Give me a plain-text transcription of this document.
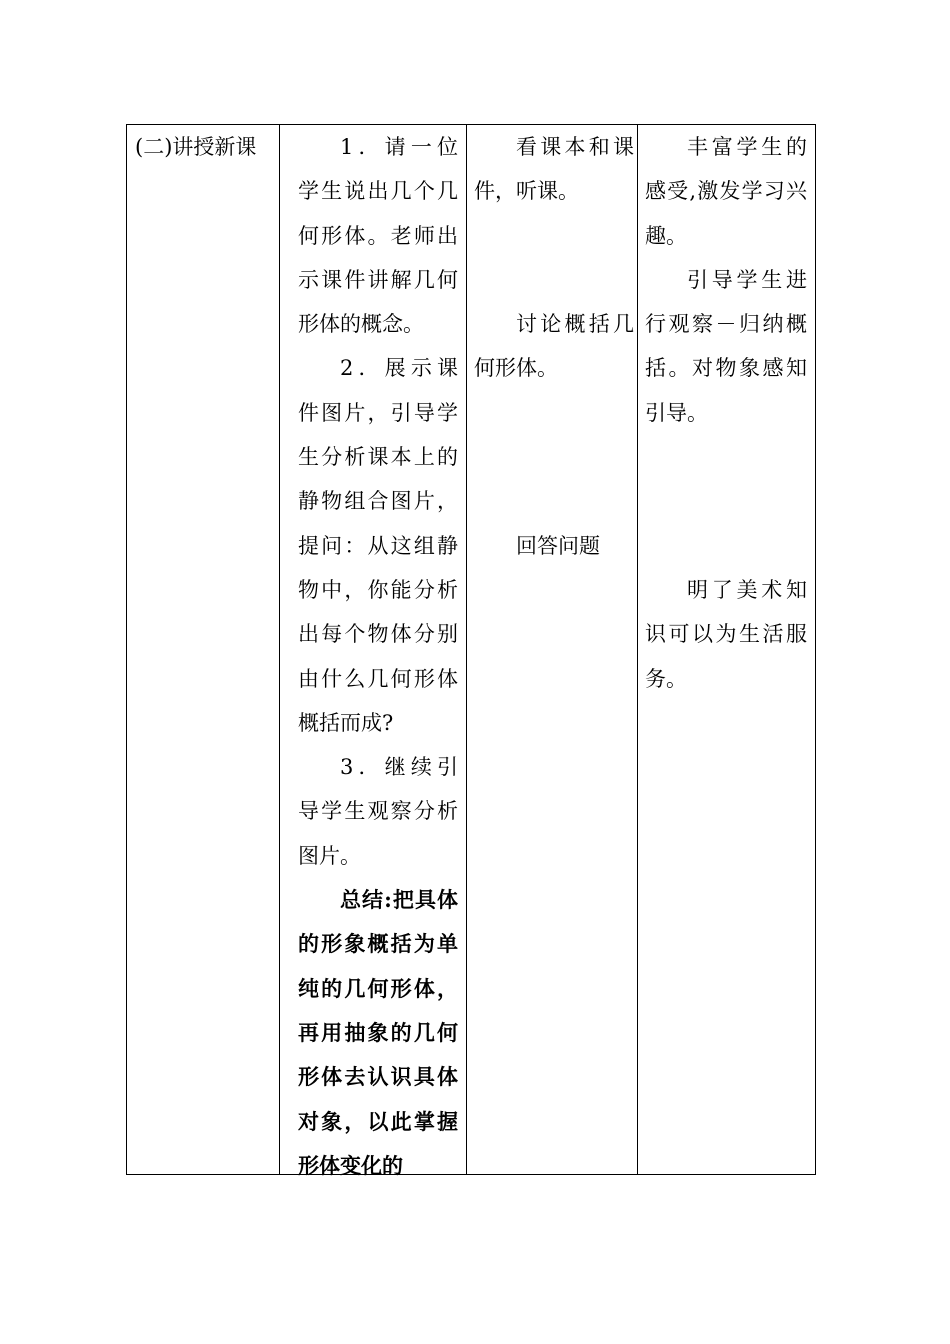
(二)讲授新课	1．请一位学生说出几个几何形体。老师出示课件讲解几何形体的概念。

2．展示课件图片，引导学生分析课本上的静物组合图片，提问：从这组静物中，你能分析出每个物体分别由什么几何形体概括而成?

3．继续引导学生观察分析图片。

总结:把具体的形象概括为单纯的几何形体，再用抽象的几何形体去认识具体对象，以此掌握形体变化的

看课本和课件，听课。

讨论概括几何形体。

回答问题

丰富学生的感受,激发学习兴趣。

引导学生进行观察－归纳概括。对物象感知引导。

明了美术知识可以为生活服务。
